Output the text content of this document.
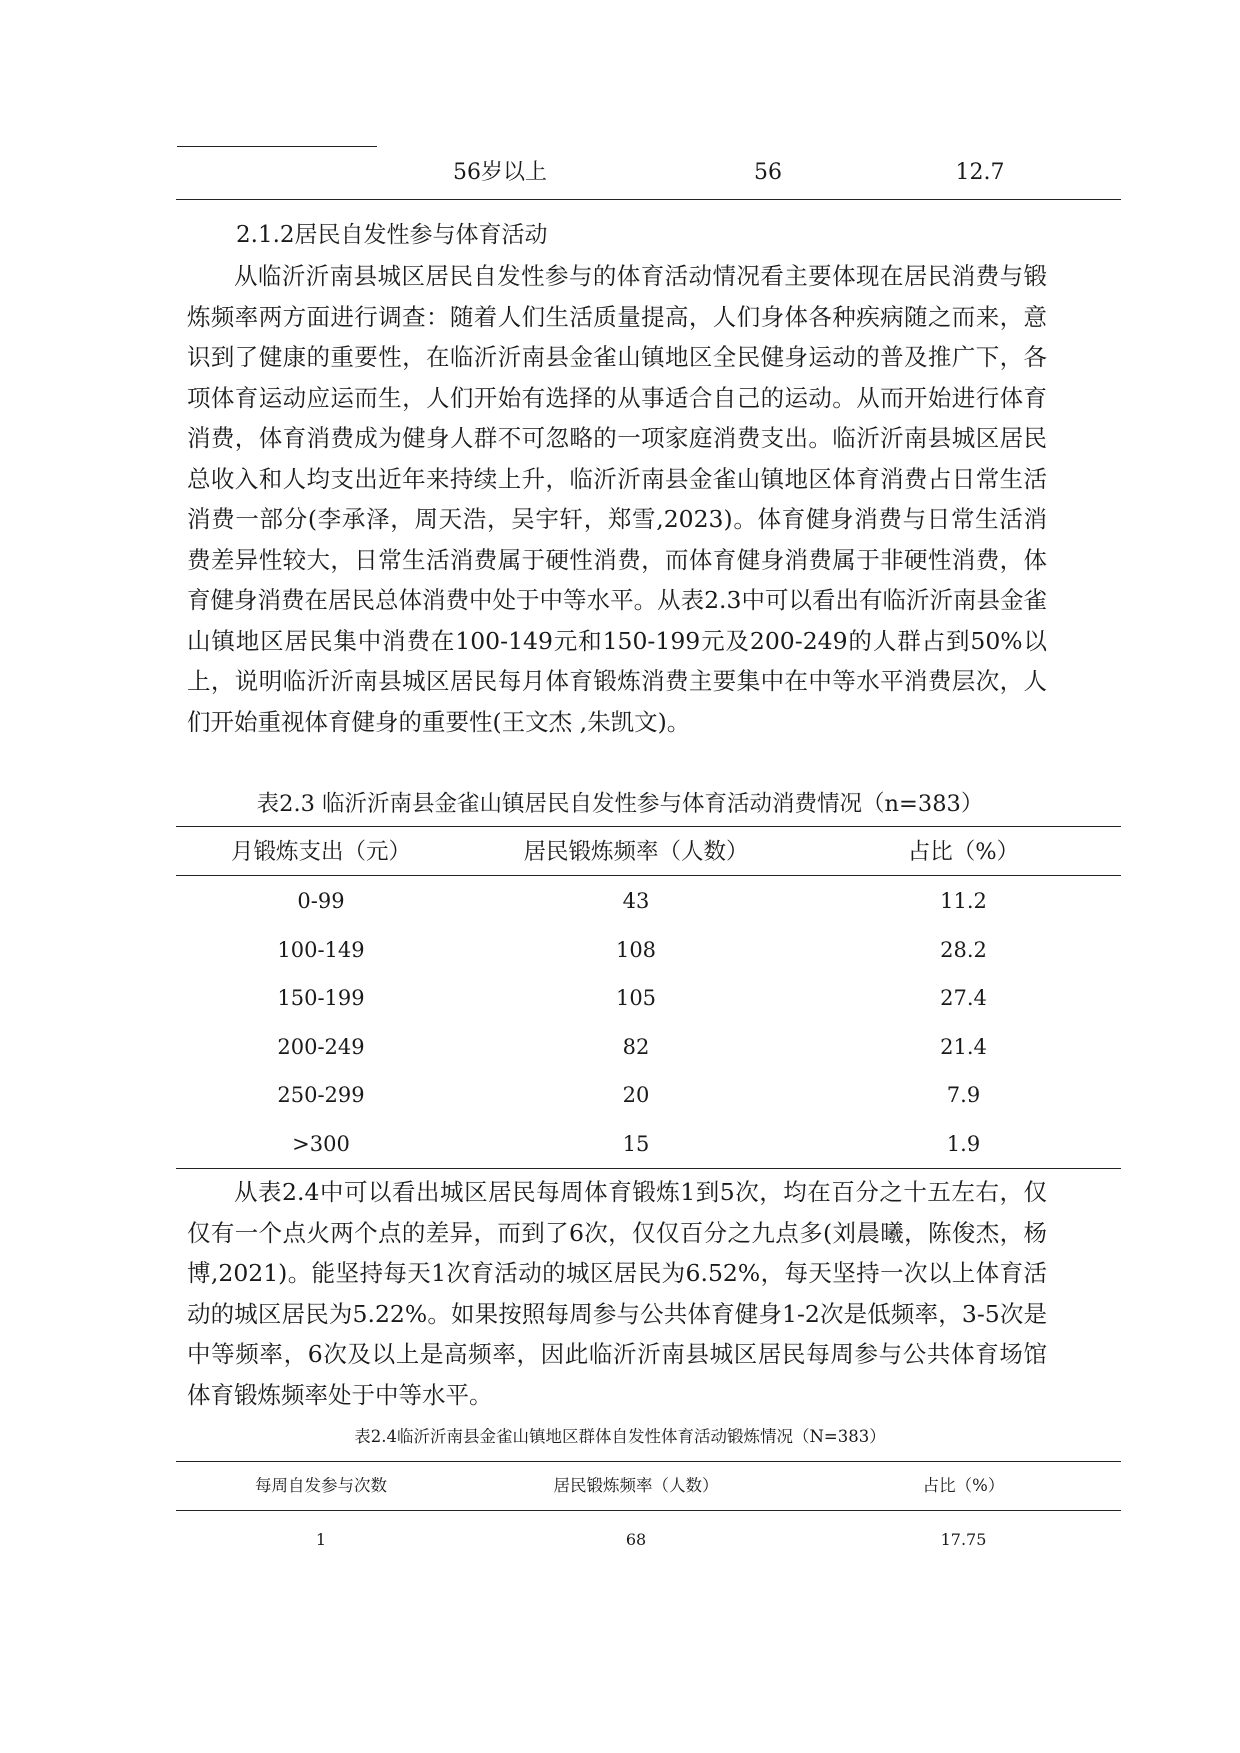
56岁以上	56	12.7
2.1.2居民自发性参与体育活动

从临沂沂南县城区居民自发性参与的体育活动情况看主要体现在居民消费与锻炼频率两方面进行调查：随着人们生活质量提高，人们身体各种疾病随之而来，意识到了健康的重要性，在临沂沂南县金雀山镇地区全民健身运动的普及推广下，各项体育运动应运而生，人们开始有选择的从事适合自己的运动。从而开始进行体育消费，体育消费成为健身人群不可忽略的一项家庭消费支出。临沂沂南县城区居民总收入和人均支出近年来持续上升，临沂沂南县金雀山镇地区体育消费占日常生活消费一部分(李承泽，周天浩，吴宇轩，郑雪,2023)。体育健身消费与日常生活消费差异性较大，日常生活消费属于硬性消费，而体育健身消费属于非硬性消费，体育健身消费在居民总体消费中处于中等水平。从表2.3中可以看出有临沂沂南县金雀山镇地区居民集中消费在100-149元和150-199元及200-249的人群占到50%以上，说明临沂沂南县城区居民每月体育锻炼消费主要集中在中等水平消费层次，人们开始重视体育健身的重要性(王文杰 ,朱凯文)。

表2.3 临沂沂南县金雀山镇居民自发性参与体育活动消费情况（n=383）
月锻炼支出（元）	居民锻炼频率（人数）	占比（%）
0-99	43	11.2
100-149	108	28.2
150-199	105	27.4
200-249	82	21.4
250-299	20	7.9
>300	15	1.9

从表2.4中可以看出城区居民每周体育锻炼1到5次，均在百分之十五左右，仅仅有一个点火两个点的差异，而到了6次，仅仅百分之九点多(刘晨曦，陈俊杰，杨博,2021)。能坚持每天1次育活动的城区居民为6.52%，每天坚持一次以上体育活动的城区居民为5.22%。如果按照每周参与公共体育健身1-2次是低频率，3-5次是中等频率，6次及以上是高频率，因此临沂沂南县城区居民每周参与公共体育场馆体育锻炼频率处于中等水平。

表2.4临沂沂南县金雀山镇地区群体自发性体育活动锻炼情况（N=383）
每周自发参与次数	居民锻炼频率（人数）	占比（%）
1	68	17.75
